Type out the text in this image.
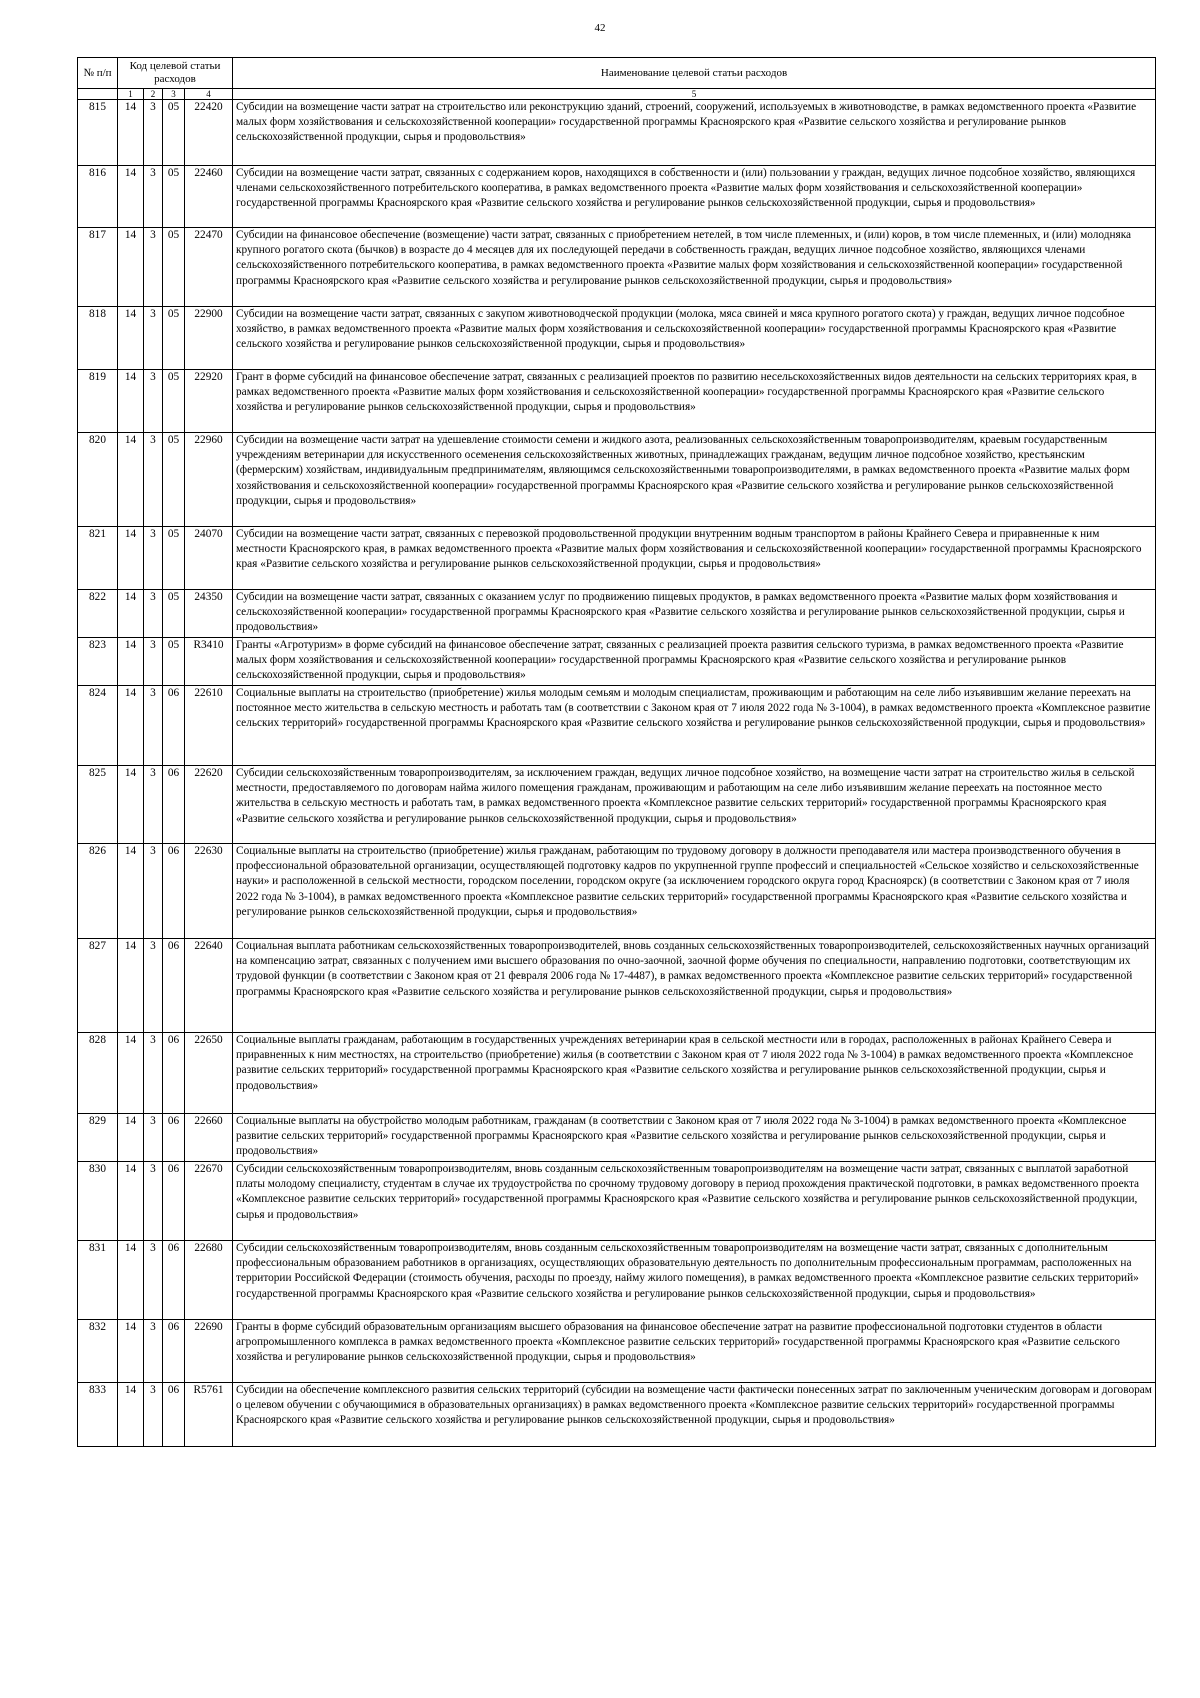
42
№ п/п	Код целевой статьи расходов				Наименование целевой статьи расходов

	1	2	3	4	5
815	14	3	05	22420	Субсидии на возмещение части затрат на строительство или реконструкцию зданий, строений, сооружений, используемых в животноводстве, в рамках ведомственного проекта «Развитие малых форм хозяйствования и сельскохозяйственной кооперации» государственной программы Красноярского края «Развитие сельского хозяйства и регулирование рынков сельскохозяйственной продукции, сырья и продовольствия»
816	14	3	05	22460	Субсидии на возмещение части затрат, связанных с содержанием коров, находящихся в собственности и (или) пользовании у граждан, ведущих личное подсобное хозяйство, являющихся членами сельскохозяйственного потребительского кооператива, в рамках ведомственного проекта «Развитие малых форм хозяйствования и сельскохозяйственной кооперации» государственной программы Красноярского края «Развитие сельского хозяйства и регулирование рынков сельскохозяйственной продукции, сырья и продовольствия»
817	14	3	05	22470	Субсидии на финансовое обеспечение (возмещение) части затрат, связанных с приобретением нетелей, в том числе племенных, и (или) коров, в том числе племенных, и (или) молодняка крупного рогатого скота (бычков) в возрасте до 4 месяцев для их последующей передачи в собственность граждан, ведущих личное подсобное хозяйство, являющихся членами сельскохозяйственного потребительского кооператива, в рамках ведомственного проекта «Развитие малых форм хозяйствования и сельскохозяйственной кооперации» государственной программы Красноярского края «Развитие сельского хозяйства и регулирование рынков сельскохозяйственной продукции, сырья и продовольствия»
818	14	3	05	22900	Субсидии на возмещение части затрат, связанных с закупом животноводческой продукции (молока, мяса свиней и мяса крупного рогатого скота) у граждан, ведущих личное подсобное хозяйство, в рамках ведомственного проекта «Развитие малых форм хозяйствования и сельскохозяйственной кооперации» государственной программы Красноярского края «Развитие сельского хозяйства и регулирование рынков сельскохозяйственной продукции, сырья и продовольствия»
819	14	3	05	22920	Грант в форме субсидий на финансовое обеспечение затрат, связанных с реализацией проектов по развитию несельскохозяйственных видов деятельности на сельских территориях края, в рамках ведомственного проекта «Развитие малых форм хозяйствования и сельскохозяйственной кооперации» государственной программы Красноярского края «Развитие сельского хозяйства и регулирование рынков сельскохозяйственной продукции, сырья и продовольствия»
820	14	3	05	22960	Субсидии на возмещение части затрат на удешевление стоимости семени и жидкого азота, реализованных сельскохозяйственным товаропроизводителям, краевым государственным учреждениям ветеринарии для искусственного осеменения сельскохозяйственных животных, принадлежащих гражданам, ведущим личное подсобное хозяйство, крестьянским (фермерским) хозяйствам, индивидуальным предпринимателям, являющимся сельскохозяйственными товаропроизводителями, в рамках ведомственного проекта «Развитие малых форм хозяйствования и сельскохозяйственной кооперации» государственной программы Красноярского края «Развитие сельского хозяйства и регулирование рынков сельскохозяйственной продукции, сырья и продовольствия»
821	14	3	05	24070	Субсидии на возмещение части затрат, связанных с перевозкой продовольственной продукции внутренним водным транспортом в районы Крайнего Севера и приравненные к ним местности Красноярского края, в рамках ведомственного проекта «Развитие малых форм хозяйствования и сельскохозяйственной кооперации» государственной программы Красноярского края «Развитие сельского хозяйства и регулирование рынков сельскохозяйственной продукции, сырья и продовольствия»
822	14	3	05	24350	Субсидии на возмещение части затрат, связанных с оказанием услуг по продвижению пищевых продуктов, в рамках ведомственного проекта «Развитие малых форм хозяйствования и сельскохозяйственной кооперации» государственной программы Красноярского края «Развитие сельского хозяйства и регулирование рынков сельскохозяйственной продукции, сырья и продовольствия»
823	14	3	05	R3410	Гранты «Агротуризм» в форме субсидий на финансовое обеспечение затрат, связанных с реализацией проекта развития сельского туризма, в рамках ведомственного проекта «Развитие малых форм хозяйствования и сельскохозяйственной кооперации» государственной программы Красноярского края «Развитие сельского хозяйства и регулирование рынков сельскохозяйственной продукции, сырья и продовольствия»
824	14	3	06	22610	Социальные выплаты на строительство (приобретение) жилья молодым семьям и молодым специалистам, проживающим и работающим на селе либо изъявившим желание переехать на постоянное место жительства в сельскую местность и работать там (в соответствии с Законом края от 7 июля 2022 года № 3-1004), в рамках ведомственного проекта «Комплексное развитие сельских территорий» государственной программы Красноярского края «Развитие сельского хозяйства и регулирование рынков сельскохозяйственной продукции, сырья и продовольствия»
825	14	3	06	22620	Субсидии сельскохозяйственным товаропроизводителям, за исключением граждан, ведущих личное подсобное хозяйство, на возмещение части затрат на строительство жилья в сельской местности, предоставляемого по договорам найма жилого помещения гражданам, проживающим и работающим на селе либо изъявившим желание переехать на постоянное место жительства в сельскую местность и работать там, в рамках ведомственного проекта «Комплексное развитие сельских территорий» государственной программы Красноярского края «Развитие сельского хозяйства и регулирование рынков сельскохозяйственной продукции, сырья и продовольствия»
826	14	3	06	22630	Социальные выплаты на строительство (приобретение) жилья гражданам, работающим по трудовому договору в должности преподавателя или мастера производственного обучения в профессиональной образовательной организации, осуществляющей подготовку кадров по укрупненной группе профессий и специальностей «Сельское хозяйство и сельскохозяйственные науки» и расположенной в сельской местности, городском поселении, городском округе (за исключением городского округа город Красноярск) (в соответствии с Законом края от 7 июля 2022 года № 3-1004), в рамках ведомственного проекта «Комплексное развитие сельских территорий» государственной программы Красноярского края «Развитие сельского хозяйства и регулирование рынков сельскохозяйственной продукции, сырья и продовольствия»
827	14	3	06	22640	Социальная выплата работникам сельскохозяйственных товаропроизводителей, вновь созданных сельскохозяйственных товаропроизводителей, сельскохозяйственных научных организаций на компенсацию затрат, связанных с получением ими высшего образования по очно-заочной, заочной форме обучения по специальности, направлению подготовки, соответствующим их трудовой функции (в соответствии с Законом края от 21 февраля 2006 года № 17-4487), в рамках ведомственного проекта «Комплексное развитие сельских территорий» государственной программы Красноярского края «Развитие сельского хозяйства и регулирование рынков сельскохозяйственной продукции, сырья и продовольствия»
828	14	3	06	22650	Социальные выплаты гражданам, работающим в государственных учреждениях ветеринарии края в сельской местности или в городах, расположенных в районах Крайнего Севера и приравненных к ним местностях, на строительство (приобретение) жилья (в соответствии с Законом края от 7 июля 2022 года № 3-1004) в рамках ведомственного проекта «Комплексное развитие сельских территорий» государственной программы Красноярского края «Развитие сельского хозяйства и регулирование рынков сельскохозяйственной продукции, сырья и продовольствия»
829	14	3	06	22660	Социальные выплаты на обустройство молодым работникам, гражданам (в соответствии с Законом края от 7 июля 2022 года № 3-1004) в рамках ведомственного проекта «Комплексное развитие сельских территорий» государственной программы Красноярского края «Развитие сельского хозяйства и регулирование рынков сельскохозяйственной продукции, сырья и продовольствия»
830	14	3	06	22670	Субсидии сельскохозяйственным товаропроизводителям, вновь созданным сельскохозяйственным товаропроизводителям на возмещение части затрат, связанных с выплатой заработной платы молодому специалисту, студентам в случае их трудоустройства по срочному трудовому договору в период прохождения практической подготовки, в рамках ведомственного проекта «Комплексное развитие сельских территорий» государственной программы Красноярского края «Развитие сельского хозяйства и регулирование рынков сельскохозяйственной продукции, сырья и продовольствия»
831	14	3	06	22680	Субсидии сельскохозяйственным товаропроизводителям, вновь созданным сельскохозяйственным товаропроизводителям на возмещение части затрат, связанных с дополнительным профессиональным образованием работников в организациях, осуществляющих образовательную деятельность по дополнительным профессиональным программам, расположенных на территории Российской Федерации (стоимость обучения, расходы по проезду, найму жилого помещения), в рамках ведомственного проекта «Комплексное развитие сельских территорий» государственной программы Красноярского края «Развитие сельского хозяйства и регулирование рынков сельскохозяйственной продукции, сырья и продовольствия»
832	14	3	06	22690	Гранты в форме субсидий образовательным организациям высшего образования на финансовое обеспечение затрат на развитие профессиональной подготовки студентов в области агропромышленного комплекса в рамках ведомственного проекта «Комплексное развитие сельских территорий» государственной программы Красноярского края «Развитие сельского хозяйства и регулирование рынков сельскохозяйственной продукции, сырья и продовольствия»
833	14	3	06	R5761	Субсидии на обеспечение комплексного развития сельских территорий (субсидии на возмещение части фактически понесенных затрат по заключенным ученическим договорам и договорам о целевом обучении с обучающимися в образовательных организациях) в рамках ведомственного проекта «Комплексное развитие сельских территорий» государственной программы Красноярского края «Развитие сельского хозяйства и регулирование рынков сельскохозяйственной продукции, сырья и продовольствия»
